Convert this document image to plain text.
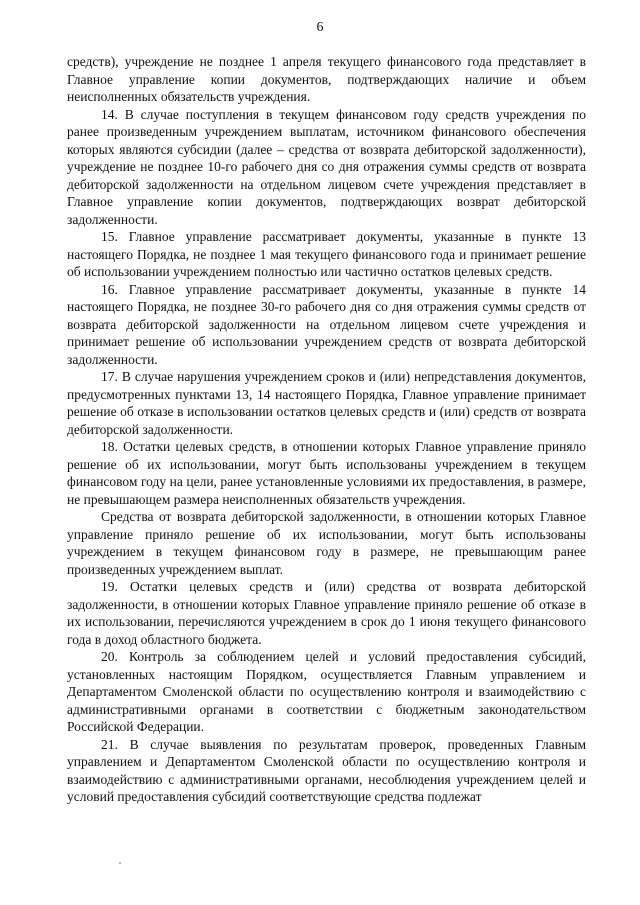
6

средств), учреждение не позднее 1 апреля текущего финансового года представляет в Главное управление копии документов, подтверждающих наличие и объем неисполненных обязательств учреждения.

14. В случае поступления в текущем финансовом году средств учреждения по ранее произведенным учреждением выплатам, источником финансового обеспечения которых являются субсидии (далее – средства от возврата дебиторской задолженности), учреждение не позднее 10-го рабочего дня со дня отражения суммы средств от возврата дебиторской задолженности на отдельном лицевом счете учреждения представляет в Главное управление копии документов, подтверждающих возврат дебиторской задолженности.

15. Главное управление рассматривает документы, указанные в пункте 13 настоящего Порядка, не позднее 1 мая текущего финансового года и принимает решение об использовании учреждением полностью или частично остатков целевых средств.

16. Главное управление рассматривает документы, указанные в пункте 14 настоящего Порядка, не позднее 30-го рабочего дня со дня отражения суммы средств от возврата дебиторской задолженности на отдельном лицевом счете учреждения и принимает решение об использовании учреждением средств от возврата дебиторской задолженности.

17. В случае нарушения учреждением сроков и (или) непредставления документов, предусмотренных пунктами 13, 14 настоящего Порядка, Главное управление принимает решение об отказе в использовании остатков целевых средств и (или) средств от возврата дебиторской задолженности.

18. Остатки целевых средств, в отношении которых Главное управление приняло решение об их использовании, могут быть использованы учреждением в текущем финансовом году на цели, ранее установленные условиями их предоставления, в размере, не превышающем размера неисполненных обязательств учреждения.

Средства от возврата дебиторской задолженности, в отношении которых Главное управление приняло решение об их использовании, могут быть использованы учреждением в текущем финансовом году в размере, не превышающим ранее произведенных учреждением выплат.

19. Остатки целевых средств и (или) средства от возврата дебиторской задолженности, в отношении которых Главное управление приняло решение об отказе в их использовании, перечисляются учреждением в срок до 1 июня текущего финансового года в доход областного бюджета.

20. Контроль за соблюдением целей и условий предоставления субсидий, установленных настоящим Порядком, осуществляется Главным управлением и Департаментом Смоленской области по осуществлению контроля и взаимодействию с административными органами в соответствии с бюджетным законодательством Российской Федерации.

21. В случае выявления по результатам проверок, проведенных Главным управлением и Департаментом Смоленской области по осуществлению контроля и взаимодействию с административными органами, несоблюдения учреждением целей и условий предоставления субсидий соответствующие средства подлежат
